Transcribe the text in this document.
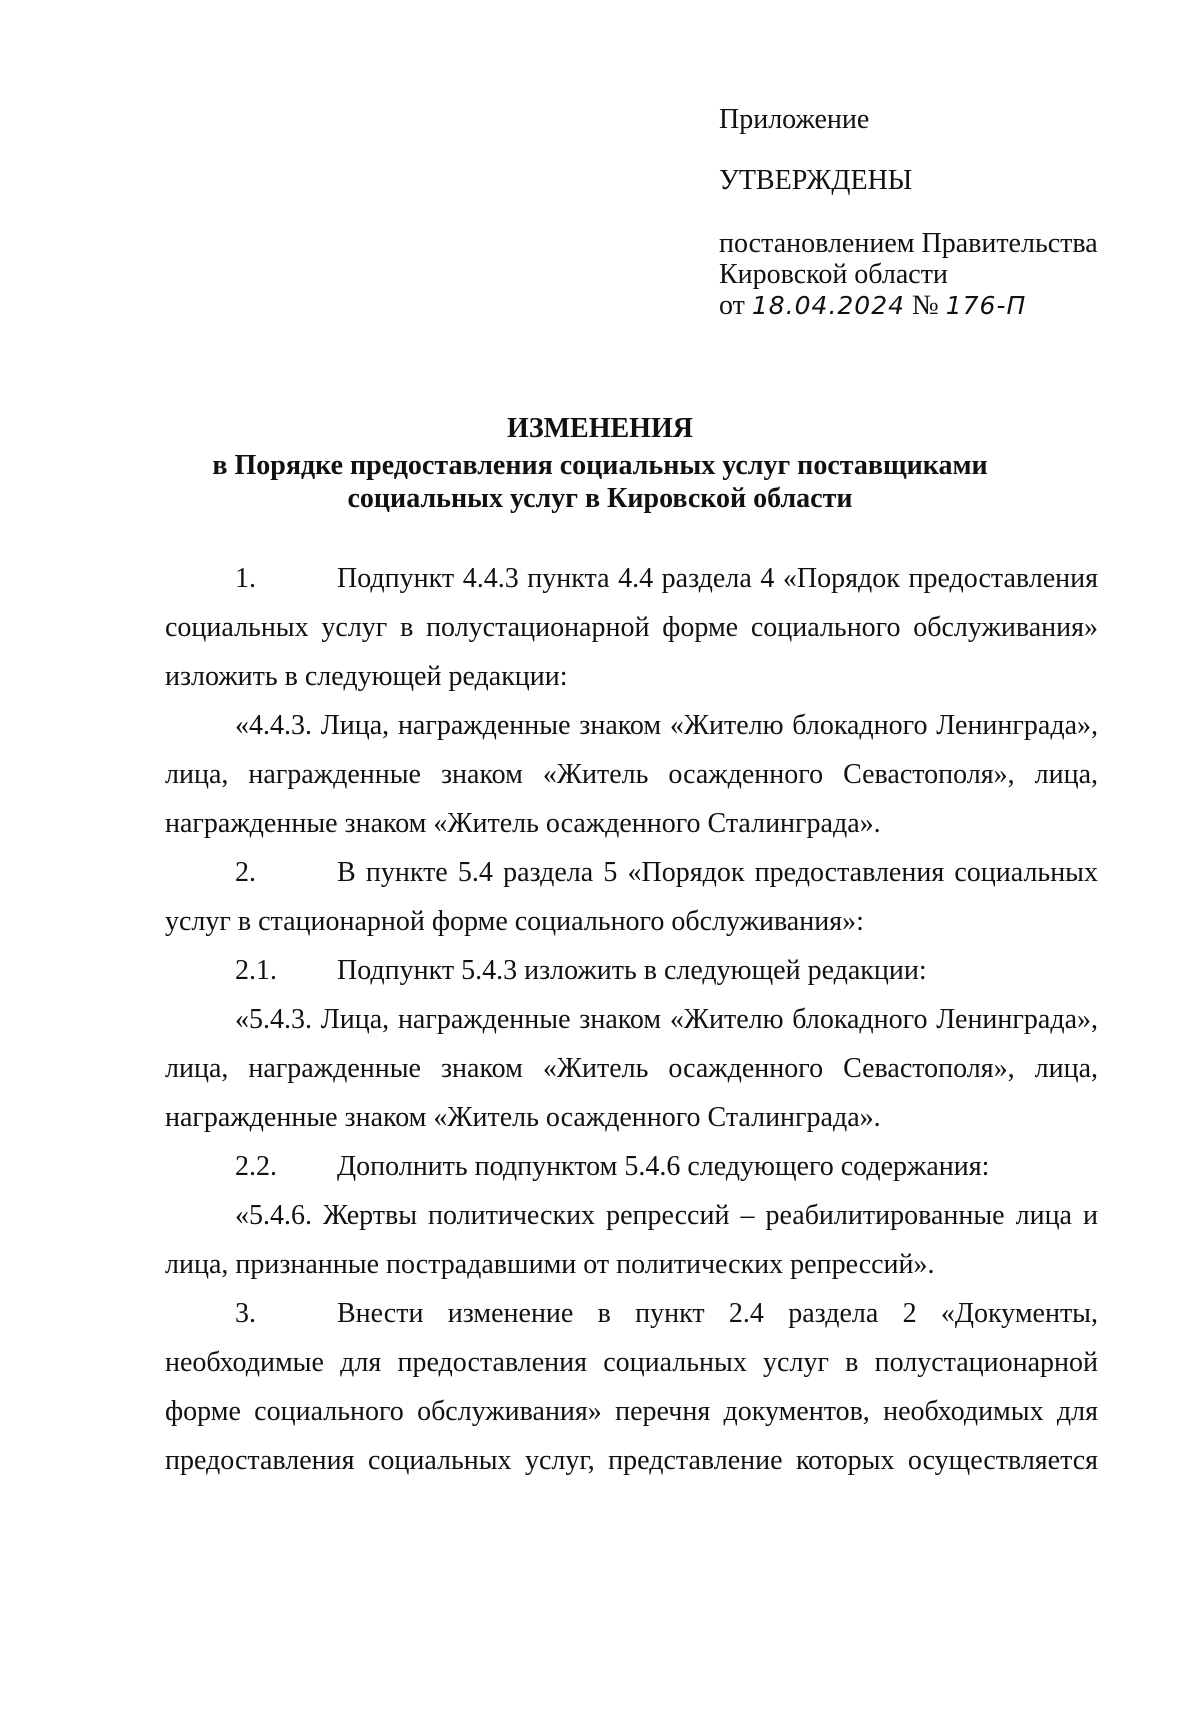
Приложение
УТВЕРЖДЕНЫ
постановлением Правительства
Кировской области
от 18.04.2024 № 176-П
ИЗМЕНЕНИЯ
в Порядке предоставления социальных услуг поставщиками
социальных услуг в Кировской области

1.	Подпункт 4.4.3 пункта 4.4 раздела 4 «Порядок предоставления социальных услуг в полустационарной форме социального обслуживания» изложить в следующей редакции:

«4.4.3. Лица, награжденные знаком «Жителю блокадного Ленинграда», лица, награжденные знаком «Житель осажденного Севастополя», лица, награжденные знаком «Житель осажденного Сталинграда».

2.	В пункте 5.4 раздела 5 «Порядок предоставления социальных услуг в стационарной форме социального обслуживания»:

2.1. Подпункт 5.4.3 изложить в следующей редакции:

«5.4.3. Лица, награжденные знаком «Жителю блокадного Ленинграда», лица, награжденные знаком «Житель осажденного Севастополя», лица, награжденные знаком «Житель осажденного Сталинграда».

2.2. Дополнить подпунктом 5.4.6 следующего содержания:

«5.4.6. Жертвы политических репрессий – реабилитированные лица и лица, признанные пострадавшими от политических репрессий».

3.	Внести изменение в пункт 2.4 раздела 2 «Документы, необходимые для предоставления социальных услуг в полустационарной форме социального обслуживания» перечня документов, необходимых для предоставления социальных услуг, представление которых осуществляется
